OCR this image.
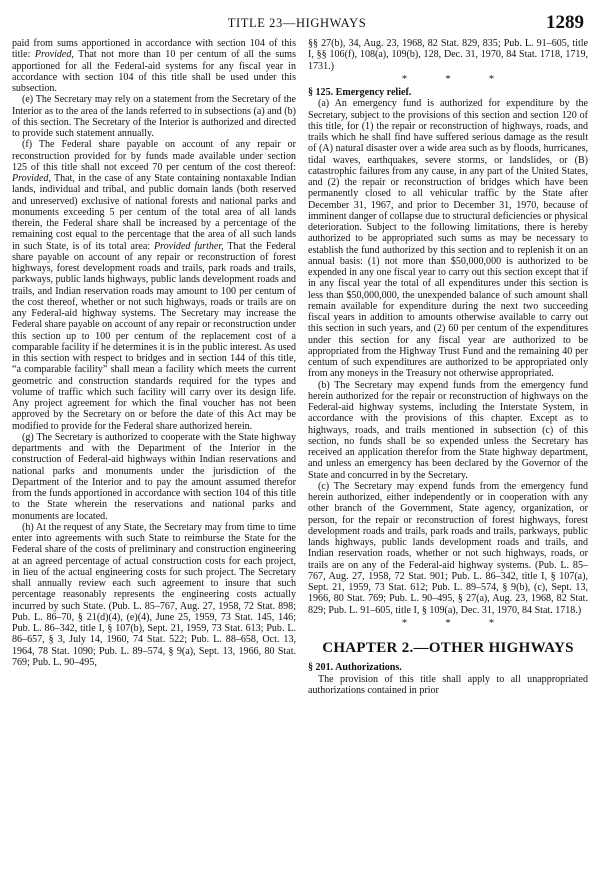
TITLE 23—HIGHWAYS	1289

paid from sums apportioned in accordance with section 104 of this title: Provided, That not more than 10 per centum of all the sums apportioned for all the Federal-aid systems for any fiscal year in accordance with section 104 of this title shall be used under this subsection.

(e) The Secretary may rely on a statement from the Secretary of the Interior as to the area of the lands referred to in subsections (a) and (b) of this section. The Secretary of the Interior is authorized and directed to provide such statement annually.

(f) The Federal share payable on account of any repair or reconstruction provided for by funds made available under section 125 of this title shall not exceed 70 per centum of the cost thereof: Provided, That, in the case of any State containing nontaxable Indian lands, individual and tribal, and public domain lands (both reserved and unreserved) exclusive of national forests and national parks and monuments exceeding 5 per centum of the total area of all lands therein, the Federal share shall be increased by a percentage of the remaining cost equal to the percentage that the area of all such lands in such State, is of its total area: Provided further, That the Federal share payable on account of any repair or reconstruction of forest highways, forest development roads and trails, park roads and trails, parkways, public lands highways, public lands development roads and trails, and Indian reservation roads may amount to 100 per centum of the cost thereof, whether or not such highways, roads or trails are on any Federal-aid highway systems. The Secretary may increase the Federal share payable on account of any repair or reconstruction under this section up to 100 per centum of the replacement cost of a comparable facility if he determines it is in the public interest. As used in this section with respect to bridges and in section 144 of this title, “a comparable facility” shall mean a facility which meets the current geometric and construction standards required for the types and volume of traffic which such facility will carry over its design life. Any project agreement for which the final voucher has not been approved by the Secretary on or before the date of this Act may be modified to provide for the Federal share authorized herein.

(g) The Secretary is authorized to cooperate with the State highway departments and with the Department of the Interior in the construction of Federal-aid highways within Indian reservations and national parks and monuments under the jurisdiction of the Department of the Interior and to pay the amount assumed therefor from the funds apportioned in accordance with section 104 of this title to the State wherein the reservations and national parks and monuments are located.

(h) At the request of any State, the Secretary may from time to time enter into agreements with such State to reimburse the State for the Federal share of the costs of preliminary and construction engineering at an agreed percentage of actual construction costs for each project, in lieu of the actual engineering costs for such project. The Secretary shall annually review each such agreement to insure that such percentage reasonably represents the engineering costs actually incurred by such State. (Pub. L. 85–767, Aug. 27, 1958, 72 Stat. 898; Pub. L. 86–70, § 21(d)(4), (e)(4), June 25, 1959, 73 Stat. 145, 146; Pub. L. 86–342, title I, § 107(b), Sept. 21, 1959, 73 Stat. 613; Pub. L. 86–657, § 3, July 14, 1960, 74 Stat. 522; Pub. L. 88–658, Oct. 13, 1964, 78 Stat. 1090; Pub. L. 89–574, § 9(a), Sept. 13, 1966, 80 Stat. 769; Pub. L. 90–495,

§§ 27(b), 34, Aug. 23, 1968, 82 Stat. 829, 835; Pub. L. 91–605, title I, §§ 106(f), 108(a), 109(b), 128, Dec. 31, 1970, 84 Stat. 1718, 1719, 1731.)

* * *

§ 125. Emergency relief.

(a) An emergency fund is authorized for expenditure by the Secretary, subject to the provisions of this section and section 120 of this title, for (1) the repair or reconstruction of highways, roads, and trails which he shall find have suffered serious damage as the result of (A) natural disaster over a wide area such as by floods, hurricanes, tidal waves, earthquakes, severe storms, or landslides, or (B) catastrophic failures from any cause, in any part of the United States, and (2) the repair or reconstruction of bridges which have been permanently closed to all vehicular traffic by the State after December 31, 1967, and prior to December 31, 1970, because of imminent danger of collapse due to structural deficiencies or physical deterioration. Subject to the following limitations, there is hereby authorized to be appropriated such sums as may be necessary to establish the fund authorized by this section and to replenish it on an annual basis: (1) not more than $50,000,000 is authorized to be expended in any one fiscal year to carry out this section except that if in any fiscal year the total of all expenditures under this section is less than $50,000,000, the unexpended balance of such amount shall remain available for expenditure during the next two succeeding fiscal years in addition to amounts otherwise available to carry out this section in such years, and (2) 60 per centum of the expenditures under this section for any fiscal year are authorized to be appropriated from the Highway Trust Fund and the remaining 40 per centum of such expenditures are authorized to be appropriated only from any moneys in the Treasury not otherwise appropriated.

(b) The Secretary may expend funds from the emergency fund herein authorized for the repair or reconstruction of highways on the Federal-aid highway systems, including the Interstate System, in accordance with the provisions of this chapter. Except as to highways, roads, and trails mentioned in subsection (c) of this section, no funds shall be so expended unless the Secretary has received an application therefor from the State highway department, and unless an emergency has been declared by the Governor of the State and concurred in by the Secretary.

(c) The Secretary may expend funds from the emergency fund herein authorized, either independently or in cooperation with any other branch of the Government, State agency, organization, or person, for the repair or reconstruction of forest highways, forest development roads and trails, park roads and trails, parkways, public lands highways, public lands development roads and trails, and Indian reservation roads, whether or not such highways, roads, or trails are on any of the Federal-aid highway systems. (Pub. L. 85–767, Aug. 27, 1958, 72 Stat. 901; Pub. L. 86–342, title I, § 107(a), Sept. 21, 1959, 73 Stat. 612; Pub. L. 89–574, § 9(b), (c), Sept. 13, 1966, 80 Stat. 769; Pub. L. 90–495, § 27(a), Aug. 23, 1968, 82 Stat. 829; Pub. L. 91–605, title I, § 109(a), Dec. 31, 1970, 84 Stat. 1718.)

* * *
CHAPTER 2.—OTHER HIGHWAYS

§ 201. Authorizations.

The provision of this title shall apply to all unappropriated authorizations contained in prior
